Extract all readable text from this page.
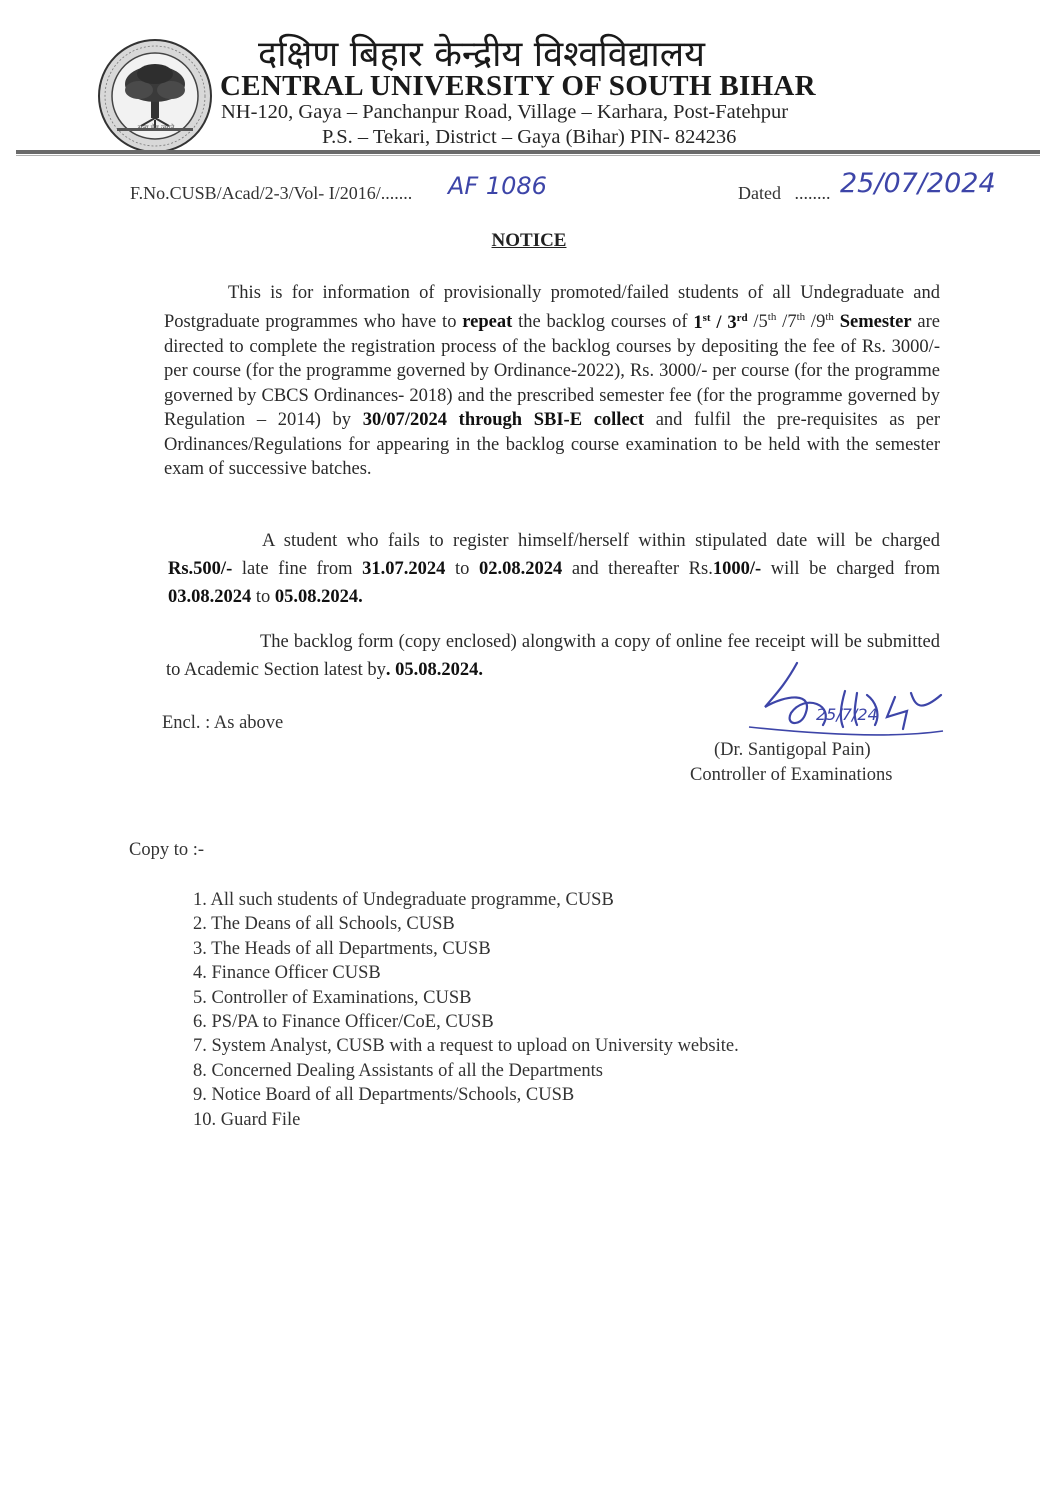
सत्य मेव जयते
दक्षिण बिहार केन्द्रीय विश्वविद्यालय
CENTRAL UNIVERSITY OF SOUTH BIHAR
NH-120, Gaya – Panchanpur Road, Village – Karhara, Post-Fatehpur
P.S. – Tekari, District – Gaya (Bihar) PIN- 824236
F.No.CUSB/Acad/2-3/Vol- I/2016/....... AF 1086	Dated ........ 25/07/2024
NOTICE
This is for information of provisionally promoted/failed students of all Undegraduate and Postgraduate programmes who have to repeat the backlog courses of 1st / 3rd /5th /7th /9th Semester are directed to complete the registration process of the backlog courses by depositing the fee of Rs. 3000/- per course (for the programme governed by Ordinance-2022), Rs. 3000/- per course (for the programme governed by CBCS Ordinances- 2018) and the prescribed semester fee (for the programme governed by Regulation – 2014) by 30/07/2024 through SBI-E collect and fulfil the pre-requisites as per Ordinances/Regulations for appearing in the backlog course examination to be held with the semester exam of successive batches.
A student who fails to register himself/herself within stipulated date will be charged Rs.500/- late fine from 31.07.2024 to 02.08.2024 and thereafter Rs.1000/- will be charged from 03.08.2024 to 05.08.2024.
The backlog form (copy enclosed) alongwith a copy of online fee receipt will be submitted to Academic Section latest by. 05.08.2024.
Encl. : As above	25/7/24
(Dr. Santigopal Pain)
Controller of Examinations
Copy to :-
1. All such students of Undegraduate programme, CUSB
2. The Deans of all Schools, CUSB
3. The Heads of all Departments, CUSB
4. Finance Officer CUSB
5. Controller of Examinations, CUSB
6. PS/PA to Finance Officer/CoE, CUSB
7. System Analyst, CUSB with a request to upload on University website.
8. Concerned Dealing Assistants of all the Departments
9. Notice Board of all Departments/Schools, CUSB
10. Guard File
